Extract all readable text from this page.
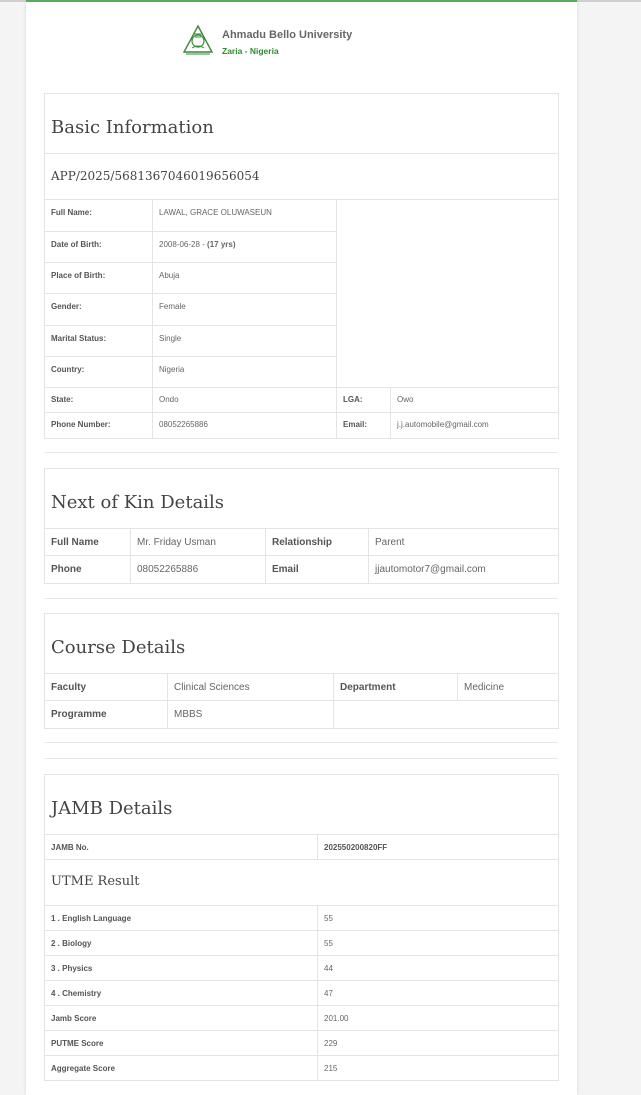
Ahmadu Bello University
Zaria - Nigeria
Basic Information
APP/2025/5681367046019656054
Full Name:	LAWAL, GRACE OLUWASEUN
Date of Birth:	2008-06-28 - (17 yrs)
Place of Birth:	Abuja
Gender:	Female
Marital Status:	Single
Country:	Nigeria
State:	Ondo	LGA:	Owo
Phone Number:	08052265886	Email:	j.j.automobile@gmail.com
Next of Kin Details
Full Name	Mr. Friday Usman	Relationship	Parent
Phone	08052265886	Email	jjautomotor7@gmail.com
Course Details
Faculty	Clinical Sciences	Department	Medicine
Programme	MBBS
JAMB Details
JAMB No.	202550200820FF
UTME Result
1 . English Language	55
2 . Biology	55
3 . Physics	44
4 . Chemistry	47
Jamb Score	201.00
PUTME Score	229
Aggregate Score	215
